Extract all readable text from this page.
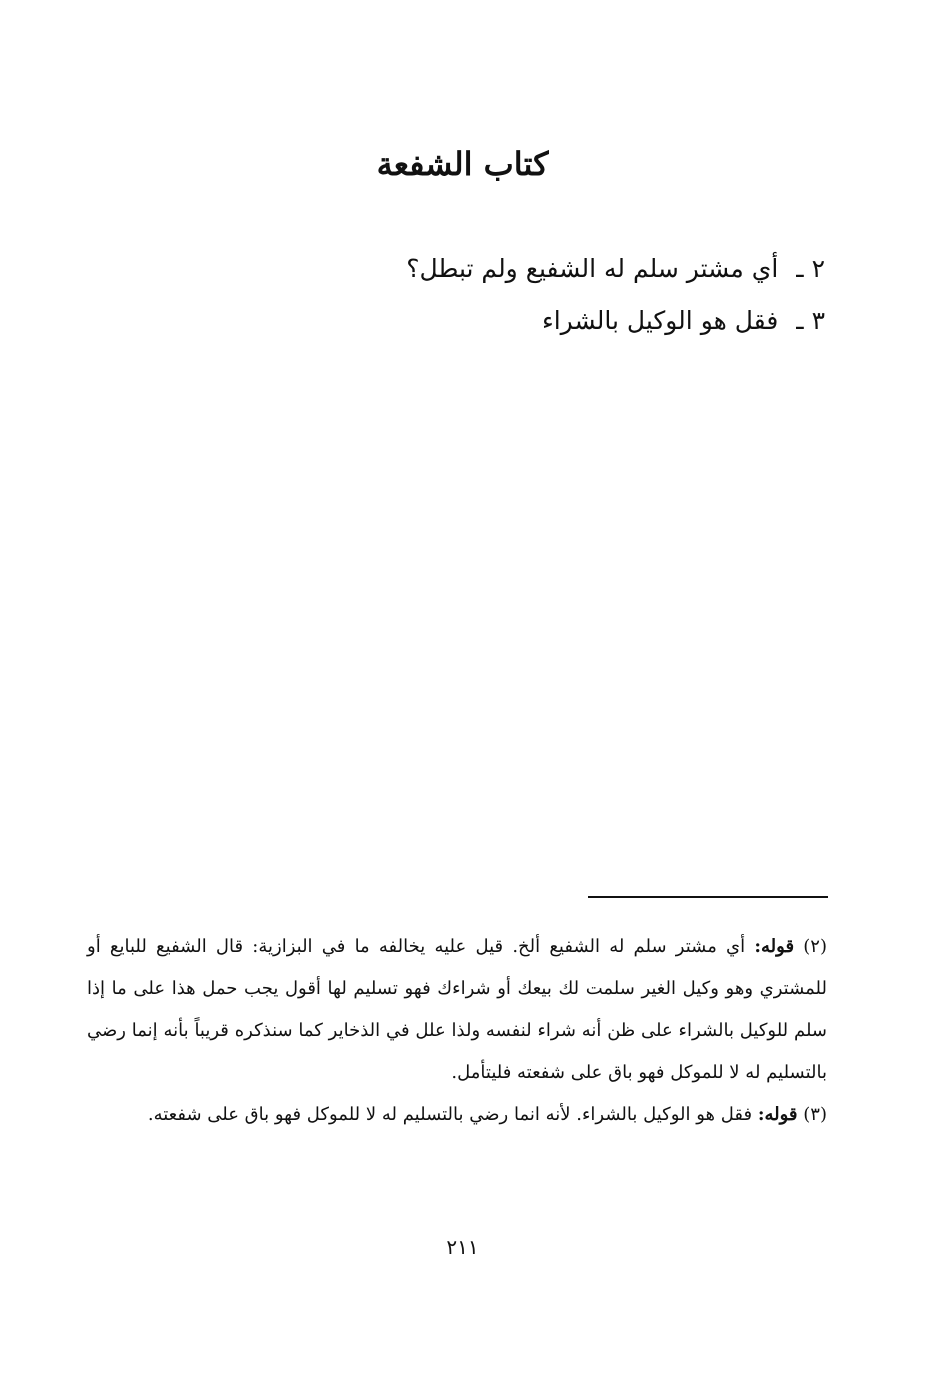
كتاب الشفعة
٢ ـأي مشتر سلم له الشفيع ولم تبطل؟
٣ ـفقل هو الوكيل بالشراء

(٢) قوله: أي مشتر سلم له الشفيع ألخ. قيل عليه يخالفه ما في البزازية: قال الشفيع للبايع أو للمشتري وهو وكيل الغير سلمت لك بيعك أو شراءك فهو تسليم لها أقول يجب حمل هذا على ما إذا سلم للوكيل بالشراء على ظن أنه شراء لنفسه ولذا علل في الذخاير كما سنذكره قريباً بأنه إنما رضي بالتسليم له لا للموكل فهو باق على شفعته فليتأمل.

(٣) قوله: فقل هو الوكيل بالشراء. لأنه انما رضي بالتسليم له لا للموكل فهو باق على شفعته.

٢١١
